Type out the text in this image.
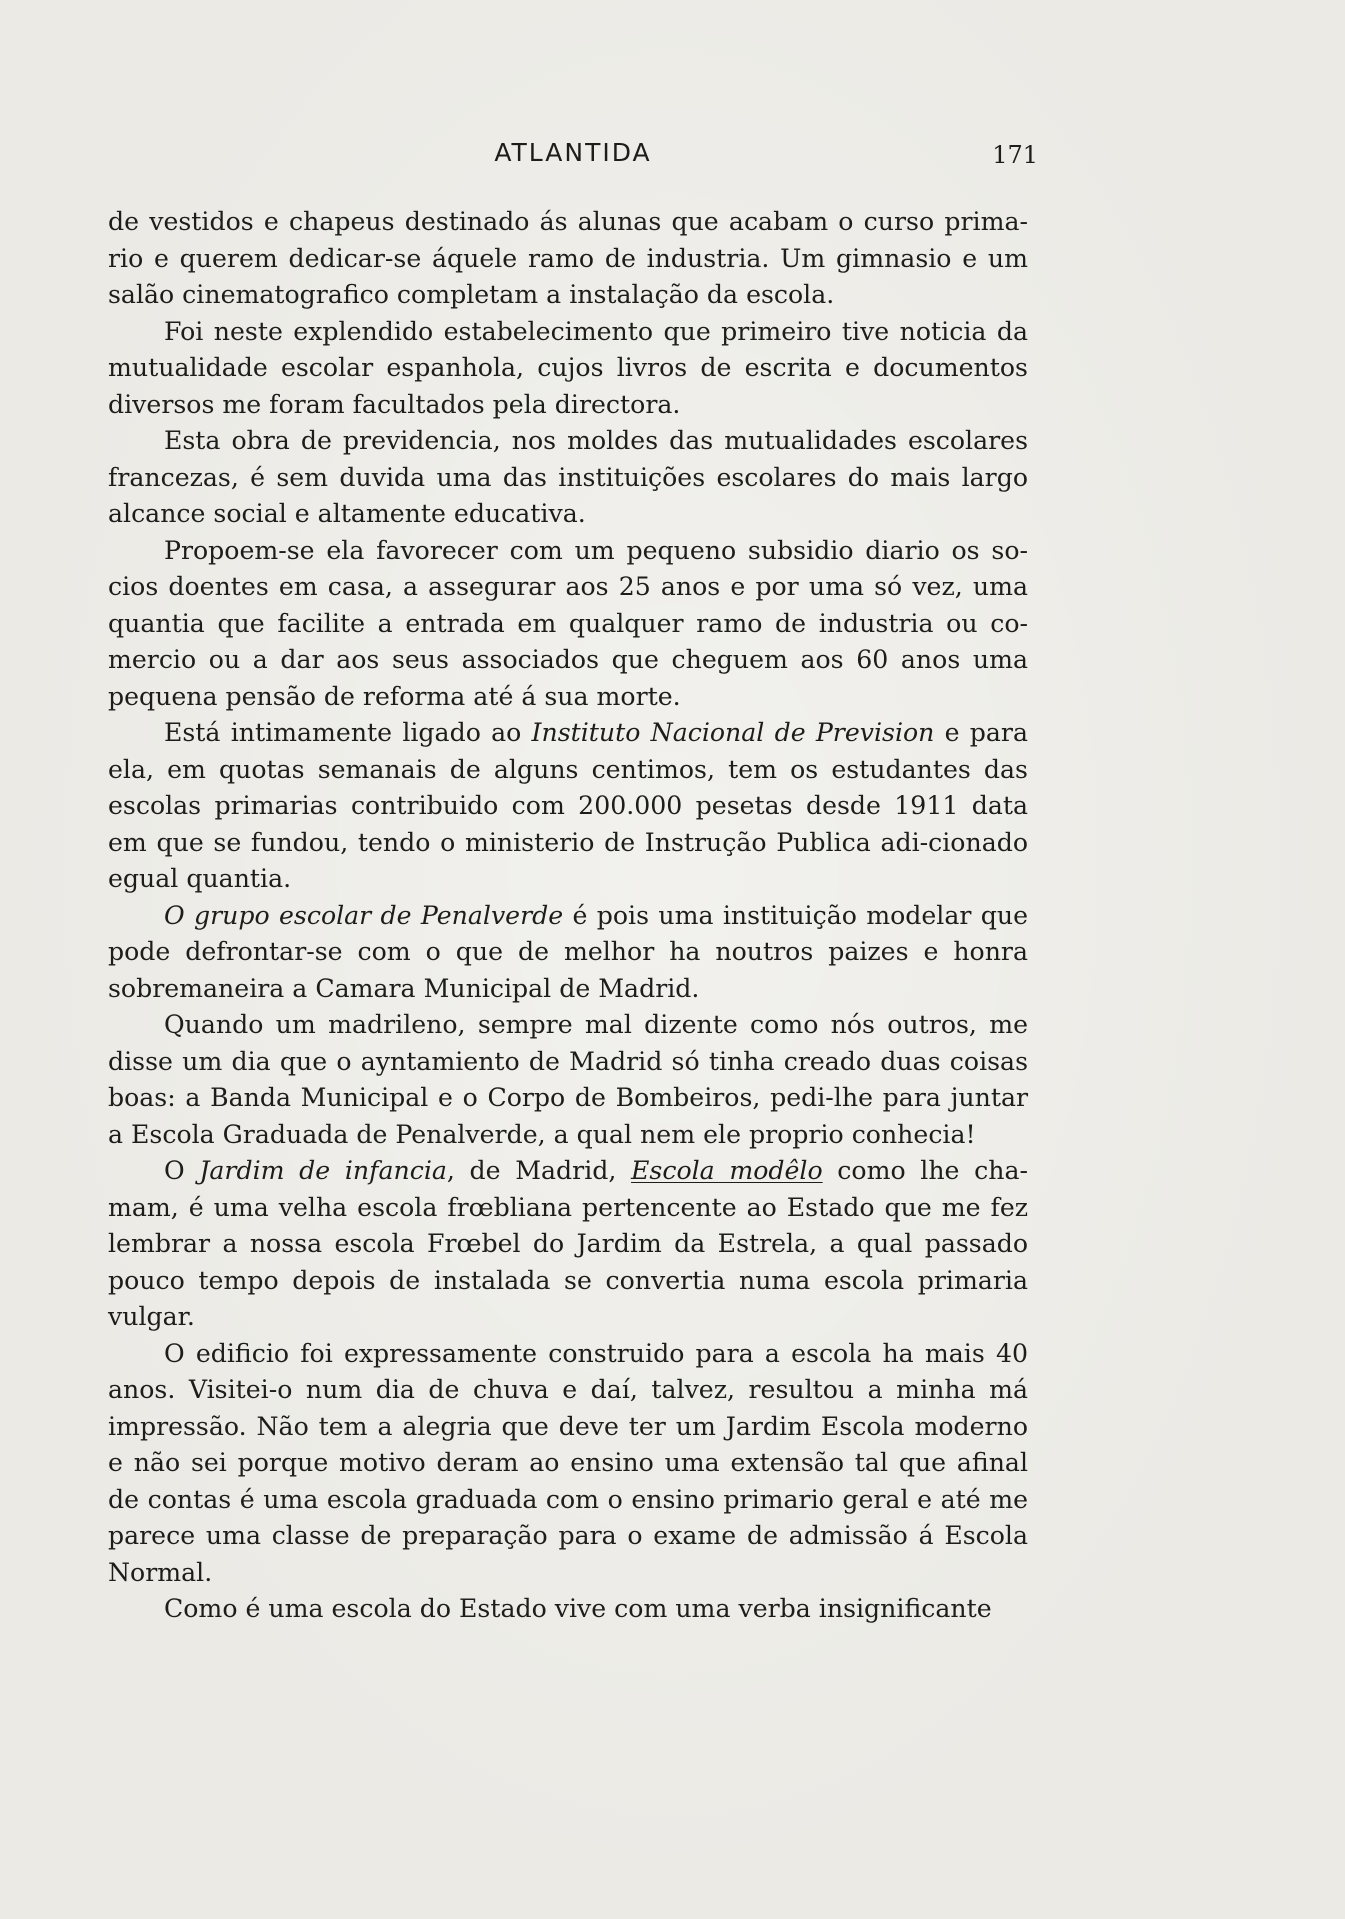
ATLANTIDA	171

de vestidos e chapeus destinado ás alunas que acabam o curso prima-rio e querem dedicar-se áquele ramo de industria. Um gimnasio e um salão cinematografico completam a instalação da escola.

Foi neste explendido estabelecimento que primeiro tive noticia da mutualidade escolar espanhola, cujos livros de escrita e documentos diversos me foram facultados pela directora.

Esta obra de previdencia, nos moldes das mutualidades escolares francezas, é sem duvida uma das instituições escolares do mais largo alcance social e altamente educativa.

Propoem-se ela favorecer com um pequeno subsidio diario os so-cios doentes em casa, a assegurar aos 25 anos e por uma só vez, uma quantia que facilite a entrada em qualquer ramo de industria ou co-mercio ou a dar aos seus associados que cheguem aos 60 anos uma pequena pensão de reforma até á sua morte.

Está intimamente ligado ao Instituto Nacional de Prevision e para ela, em quotas semanais de alguns centimos, tem os estudantes das escolas primarias contribuido com 200.000 pesetas desde 1911 data em que se fundou, tendo o ministerio de Instrução Publica adi-cionado egual quantia.

O grupo escolar de Penalverde é pois uma instituição modelar que pode defrontar-se com o que de melhor ha noutros paizes e honra sobremaneira a Camara Municipal de Madrid.

Quando um madrileno, sempre mal dizente como nós outros, me disse um dia que o ayntamiento de Madrid só tinha creado duas coisas boas: a Banda Municipal e o Corpo de Bombeiros, pedi-lhe para juntar a Escola Graduada de Penalverde, a qual nem ele proprio conhecia!

O Jardim de infancia, de Madrid, Escola modêlo como lhe cha-mam, é uma velha escola frœbliana pertencente ao Estado que me fez lembrar a nossa escola Frœbel do Jardim da Estrela, a qual passado pouco tempo depois de instalada se convertia numa escola primaria vulgar.

O edificio foi expressamente construido para a escola ha mais 40 anos. Visitei-o num dia de chuva e daí, talvez, resultou a minha má impressão. Não tem a alegria que deve ter um Jardim Escola moderno e não sei porque motivo deram ao ensino uma extensão tal que afinal de contas é uma escola graduada com o ensino primario geral e até me parece uma classe de preparação para o exame de admissão á Escola Normal.

Como é uma escola do Estado vive com uma verba insignificante
